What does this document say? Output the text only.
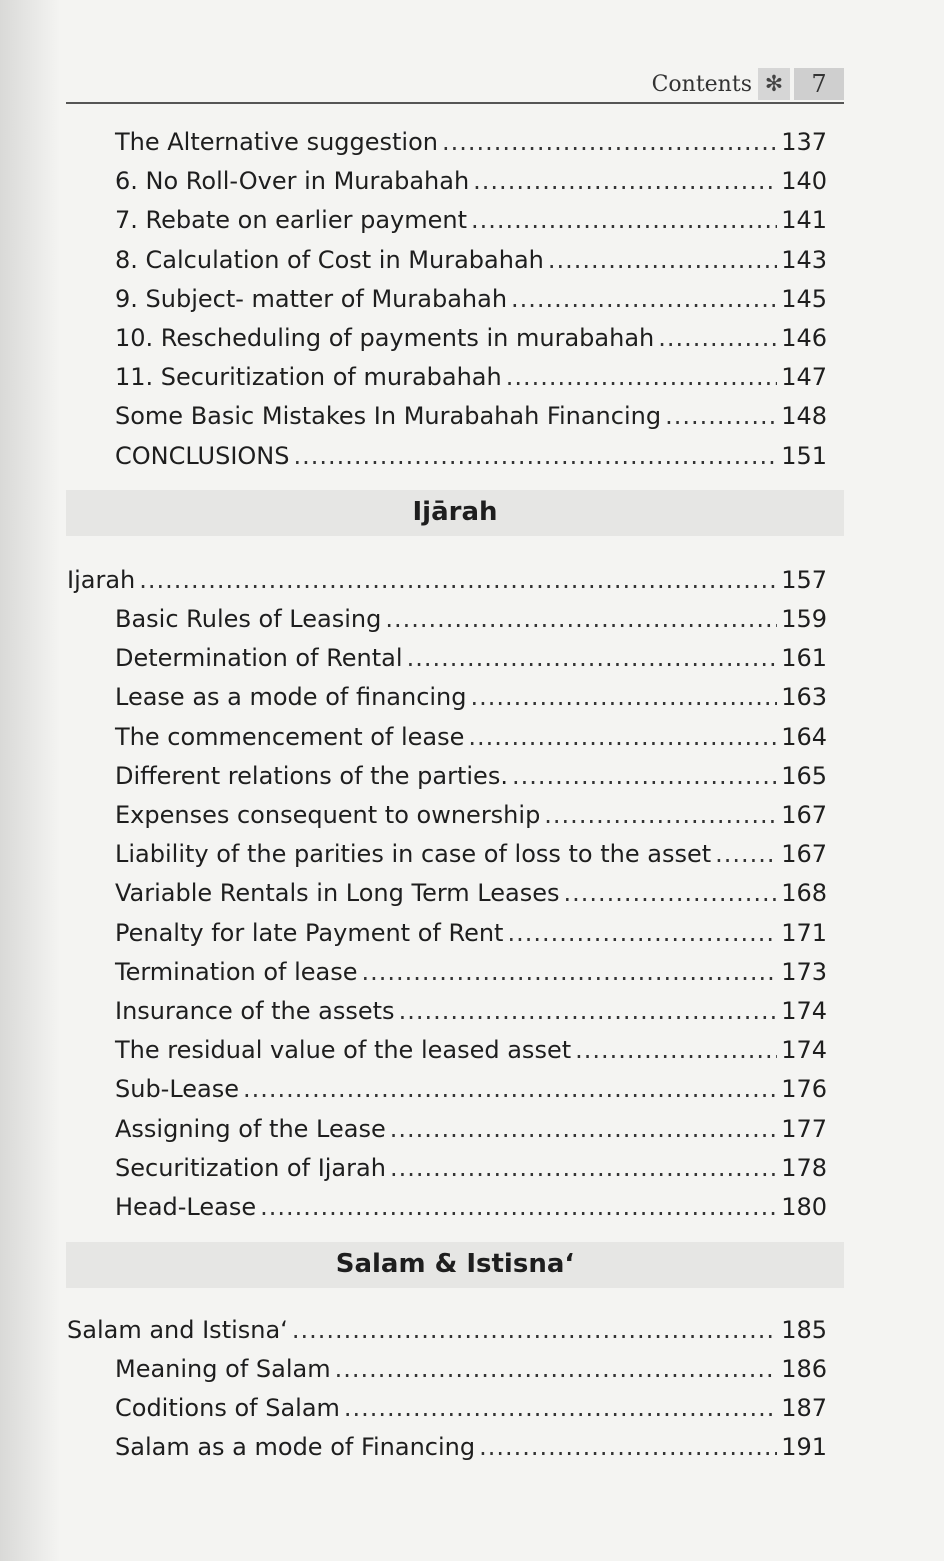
Contents ✻	7
The Alternative suggestion .....	137
6. No Roll-Over in Murabahah .....	140
7. Rebate on earlier payment .....	141
8. Calculation of Cost in Murabahah .....	143
9. Subject- matter of Murabahah .....	145
10. Rescheduling of payments in murabahah .....	146
11. Securitization of murabahah .....	147
Some Basic Mistakes In Murabahah Financing .....	148
CONCLUSIONS .....	151
Ijārah
Ijarah .....	157
Basic Rules of Leasing .....	159
Determination of Rental .....	161
Lease as a mode of financing .....	163
The commencement of lease .....	164
Different relations of the parties. .....	165
Expenses consequent to ownership .....	167
Liability of the parities in case of loss to the asset .....	167
Variable Rentals in Long Term Leases .....	168
Penalty for late Payment of Rent .....	171
Termination of lease .....	173
Insurance of the assets .....	174
The residual value of the leased asset .....	174
Sub-Lease .....	176
Assigning of the Lease .....	177
Securitization of Ijarah .....	178
Head-Lease .....	180
Salam & Istisna‘
Salam and Istisna‘ .....	185
Meaning of Salam .....	186
Coditions of Salam .....	187
Salam as a mode of Financing .....	191
